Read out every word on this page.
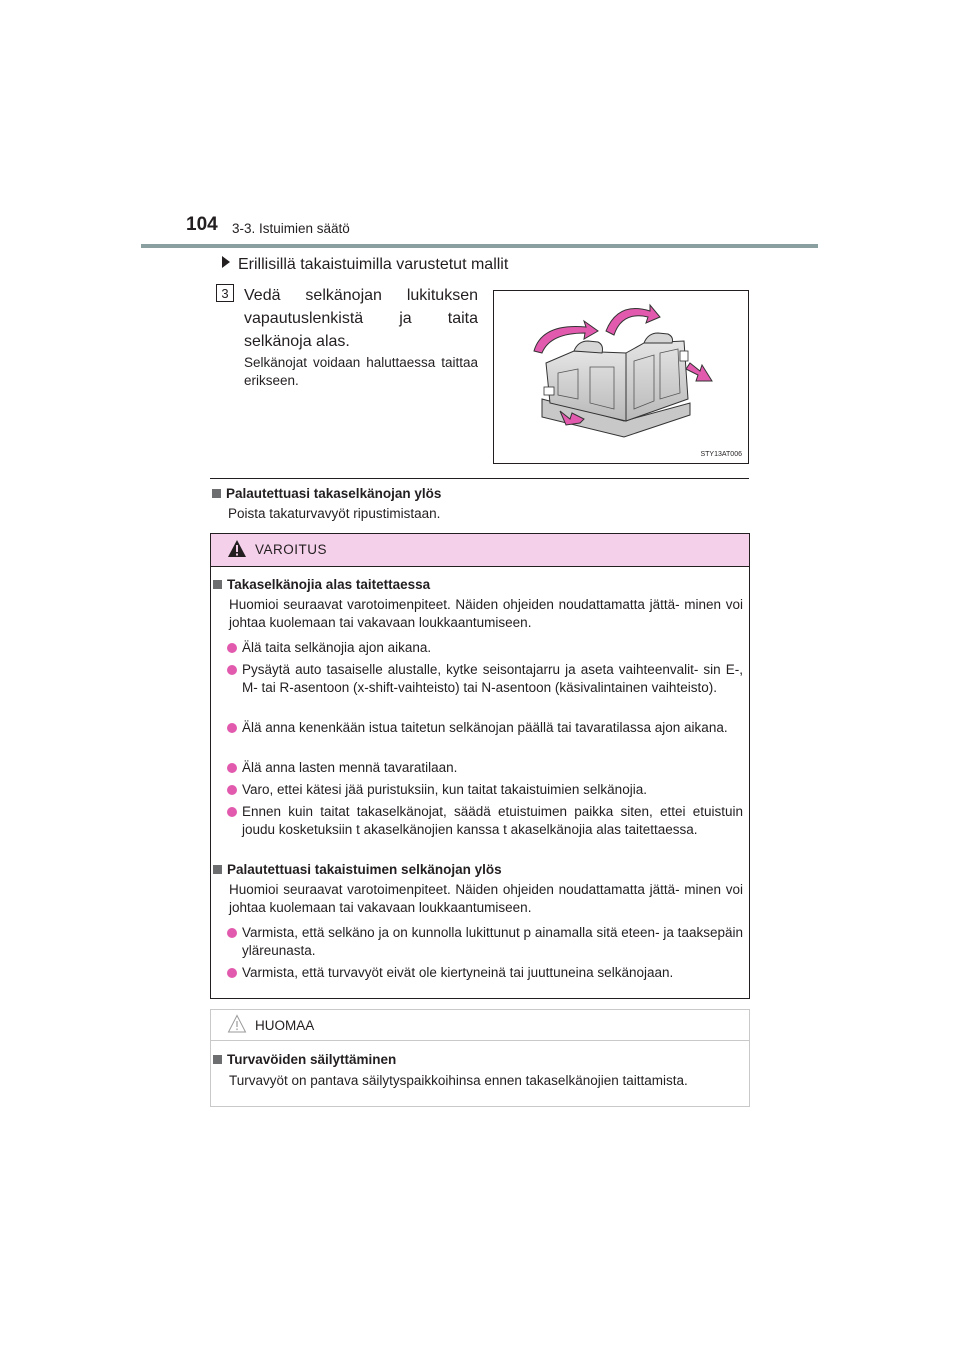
104 3-3. Istuimien säätö
Erillisillä takaistuimilla varustetut mallit
3 Vedä selkänojan lukituksen vapautuslenkistä ja taita selkänoja alas.
Selkänojat voidaan haluttaessa taittaa erikseen.
STY13AT006
Palautettuasi takaselkänojan ylös
Poista takaturvavyöt ripustimistaan.
VAROITUS
Takaselkänojia alas taitettaessa
Huomioi seuraavat varotoimenpiteet. Näiden ohjeiden noudattamatta jättä- minen voi johtaa kuolemaan tai vakavaan loukkaantumiseen.
Älä taita selkänojia ajon aikana.
Pysäytä auto tasaiselle alustalle, kytke seisontajarru ja aseta vaihteenvalit- sin E-, M- tai R-asentoon (x-shift-vaihteisto) tai N-asentoon (käsivalintainen vaihteisto).
Älä anna kenenkään istua taitetun selkänojan päällä tai tavaratilassa ajon aikana.
Älä anna lasten mennä tavaratilaan.
Varo, ettei kätesi jää puristuksiin, kun taitat takaistuimien selkänojia.
Ennen kuin taitat takaselkänojat, säädä etuistuimen paikka siten, ettei etuistuin joudu kosketuksiin t akaselkänojien kanssa t akaselkänojia alas taitettaessa.
Palautettuasi takaistuimen selkänojan ylös
Huomioi seuraavat varotoimenpiteet. Näiden ohjeiden noudattamatta jättä- minen voi johtaa kuolemaan tai vakavaan loukkaantumiseen.
Varmista, että selkäno ja on kunnolla lukittunut p ainamalla sitä eteen- ja taaksepäin yläreunasta.
Varmista, että turvavyöt eivät ole kiertyneinä tai juuttuneina selkänojaan.
HUOMAA
Turvavöiden säilyttäminen
Turvavyöt on pantava säilytyspaikkoihinsa ennen takaselkänojien taittamista.
